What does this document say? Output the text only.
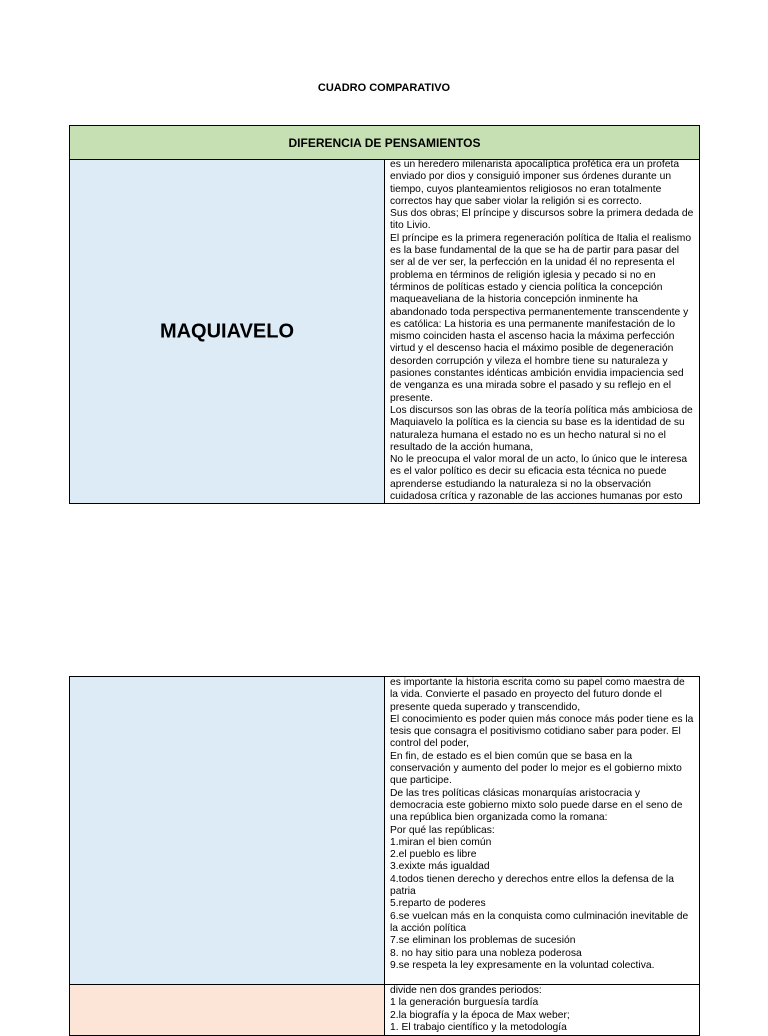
CUADRO COMPARATIVO
DIFERENCIA DE PENSAMIENTOS
MAQUIAVELO

es un heredero milenarista apocalíptica profética era un profeta enviado por dios y consiguió imponer sus órdenes durante un tiempo, cuyos planteamientos religiosos no eran totalmente correctos hay que saber violar la religión si es correcto.

Sus dos obras; El príncipe y discursos sobre la primera dedada de tito Livio.

El príncipe es la primera regeneración política de Italia el realismo es la base fundamental de la que se ha de partir para pasar del ser al de ver ser, la perfección en la unidad él no representa el problema en términos de religión iglesia y pecado si no en términos de políticas estado y ciencia política la concepción maqueaveliana de la historia concepción inminente ha abandonado toda perspectiva permanentemente transcendente y es católica: La historia es una permanente manifestación de lo mismo coinciden hasta el ascenso hacia la máxima perfección virtud y el descenso hacia el máximo posible de degeneración desorden corrupción y vileza el hombre tiene su naturaleza y pasiones constantes idénticas ambición envidia impaciencia sed de venganza es una mirada sobre el pasado y su reflejo en el presente.

Los discursos son las obras de la teoría política más ambiciosa de Maquiavelo la política es la ciencia su base es la identidad de su naturaleza humana el estado no es un hecho natural si no el resultado de la acción humana,

No le preocupa el valor moral de un acto, lo único que le interesa es el valor político es decir su eficacia esta técnica no puede aprenderse estudiando la naturaleza si no la observación cuidadosa crítica y razonable de las acciones humanas por esto

es importante la historia escrita como su papel como maestra de la vida. Convierte el pasado en proyecto del futuro donde el presente queda superado y transcendido,

El conocimiento es poder quien más conoce más poder tiene es la tesis que consagra el positivismo cotidiano saber para poder. El control del poder,

En fin, de estado es el bien común que se basa en la conservación y aumento del poder lo mejor es el gobierno mixto que participe.

De las tres políticas clásicas monarquías aristocracia y democracia este gobierno mixto solo puede darse en el seno de una república bien organizada como la romana:

Por qué las repúblicas:

1.miran el bien común

2.el pueblo es libre

3.exixte más igualdad

4.todos tienen derecho y derechos entre ellos la defensa de la patria

5.reparto de poderes

6.se vuelcan más en la conquista como culminación inevitable de la acción política

7.se eliminan los problemas de sucesión

8. no hay sitio para una nobleza poderosa

9.se respeta la ley expresamente en la voluntad colectiva.

divide nen dos grandes periodos:

1 la generación burguesía tardía

2.la biografía y la época de Max weber;

1. El trabajo científico y la metodología
